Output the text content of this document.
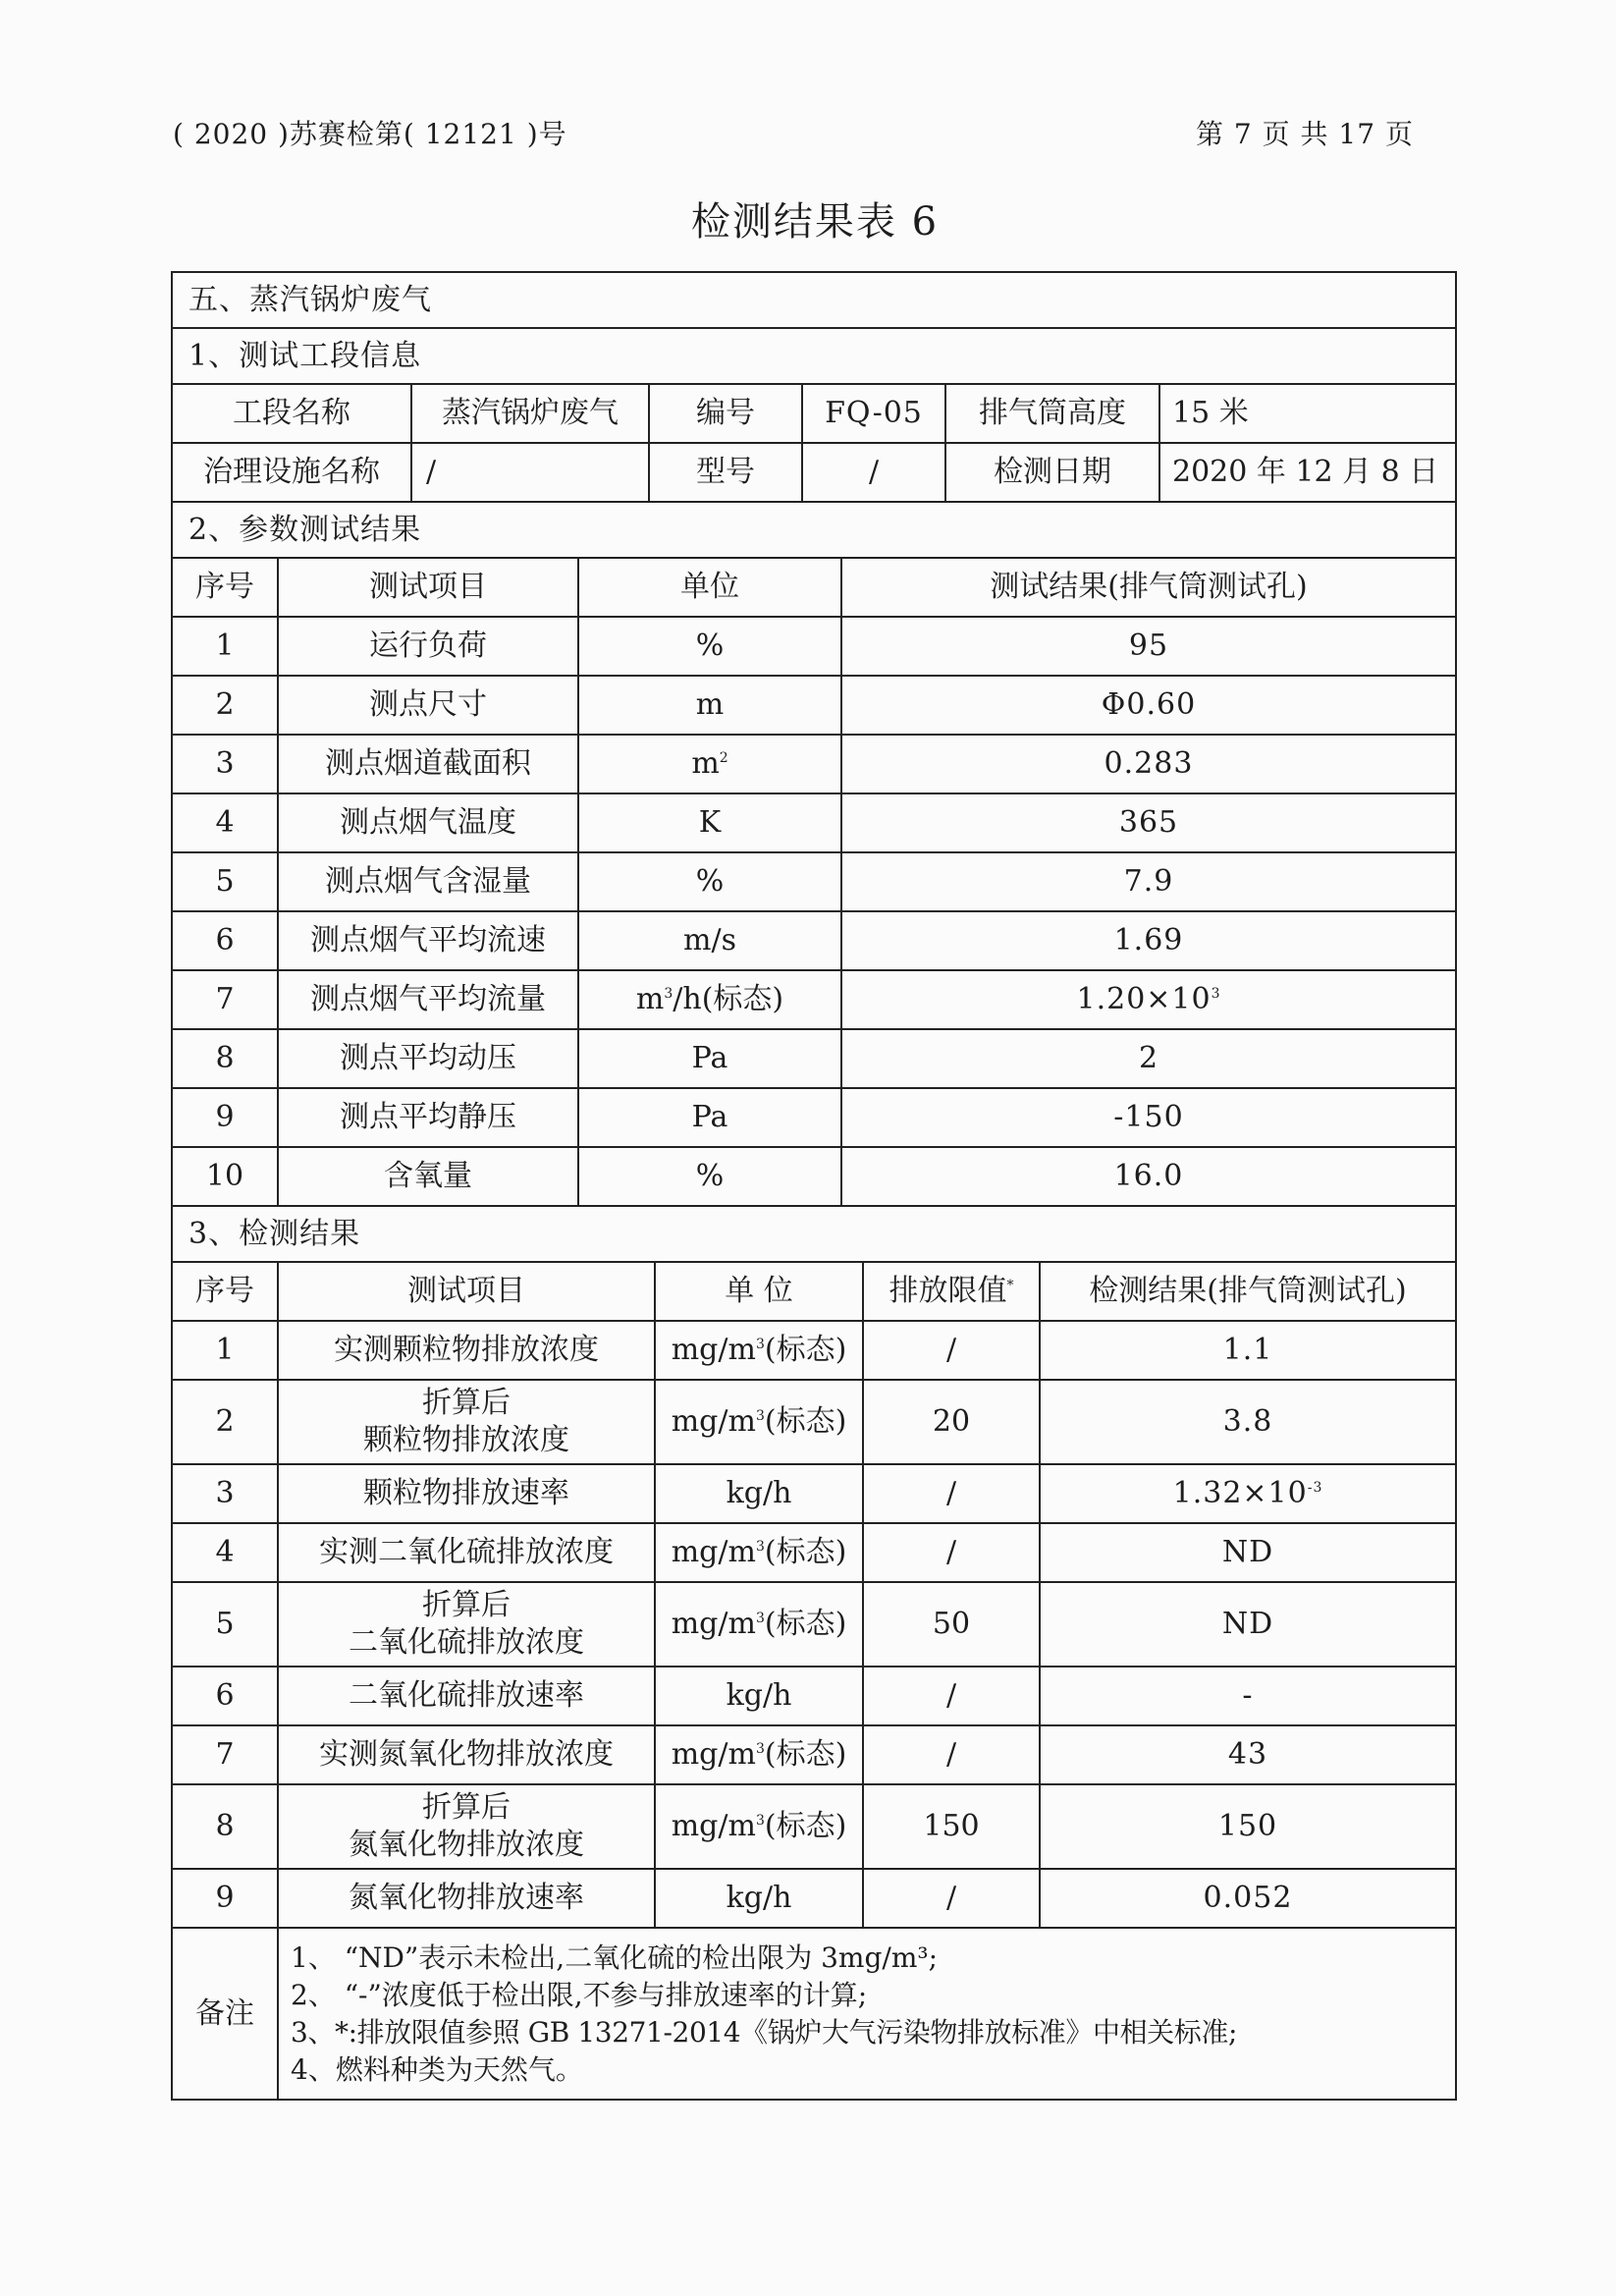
( 2020 )苏赛检第( 12121 )号	第 7 页 共 17 页
检测结果表 6
五、蒸汽锅炉废气					
1、测试工段信息					
工段名称	蒸汽锅炉废气	编号	FQ-05	排气筒高度	15 米
治理设施名称	/	型号	/	检测日期	2020 年 12 月 8 日
2、参数测试结果					
序号	测试项目	单位	测试结果(排气筒测试孔)
1	运行负荷	%	95
2	测点尺寸	m	Φ0.60
3	测点烟道截面积	$m^2$	0.283
4	测点烟气温度	K	365
5	测点烟气含湿量	%	7.9
6	测点烟气平均流速	m/s	1.69
7	测点烟气平均流量	$m^3/h$(标态)	$1.20\times 10^3$
8	测点平均动压	Pa	2
9	测点平均静压	Pa	-150
10	含氧量	%	16.0
3、检测结果				
序号	测试项目	单 位	排放限值*	检测结果(排气筒测试孔)
1	实测颗粒物排放浓度	$mg/m^3$(标态)	/	1.1
2	折算后
颗粒物排放浓度	$mg/m^3$(标态)	20	3.8
3	颗粒物排放速率	kg/h	/	$1.32\times 10^{-3}$
4	实测二氧化硫排放浓度	$mg/m^3$(标态)	/	ND
5	折算后
二氧化硫排放浓度	$mg/m^3$(标态)	50	ND
6	二氧化硫排放速率	kg/h	/	-
7	实测氮氧化物排放浓度	$mg/m^3$(标态)	/	43
8	折算后
氮氧化物排放浓度	$mg/m^3$(标态)	150	150
9	氮氧化物排放速率	kg/h	/	0.052
备注	1、 “ND”表示未检出,二氧化硫的检出限为 3mg/m³;
2、 “-”浓度低于检出限,不参与排放速率的计算;
3、*:排放限值参照 GB 13271-2014《锅炉大气污染物排放标准》中相关标准;
4、燃料种类为天然气。			
